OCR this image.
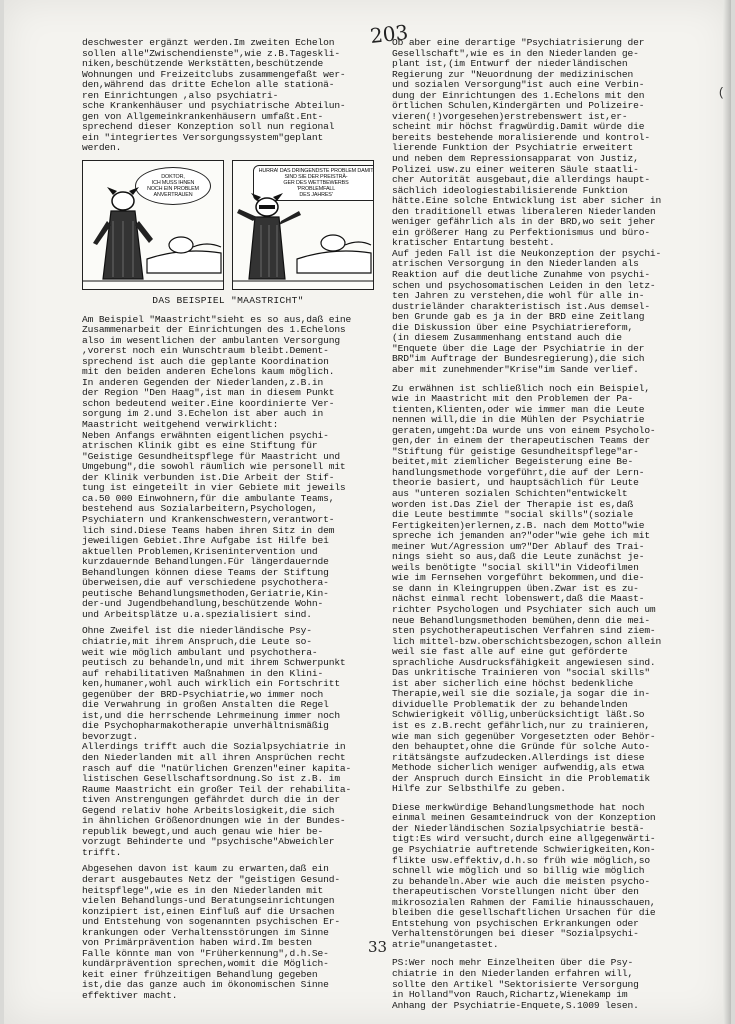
203
(

deschwester ergänzt werden.Im zweiten Echelon
sollen alle"Zwischendienste",wie z.B.Tageskli-
niken,beschützende Werkstätten,beschützende
Wohnungen und Freizeitclubs zusammengefaßt wer-
den,während das dritte Echelon alle stationä-
ren Einrichtungen ,also psychiatri-
sche Krankenhäuser und psychiatrische Abteilun-
gen von Allgemeinkrankenhäusern umfaßt.Ent-
sprechend dieser Konzeption soll nun regional
ein "integriertes Versorgungssystem"geplant
werden.

DOKTOR,
ICH MUSS IHNEN
NOCH EIN PROBLEM
ANVERTRAUEN
HURRA! DAS DRINGENDSTE PROBLEM DAMIT
SIND SIE DER PREISTRÄ-
GER DES WETTBEWERBS
'PROBLEMFALL
DES JAHRES'
DAS BEISPIEL "MAASTRICHT"

Am Beispiel "Maastricht"sieht es so aus,daß eine
Zusammenarbeit der Einrichtungen des 1.Echelons
also im wesentlichen der ambulanten Versorgung
,vorerst noch ein Wunschtraum bleibt.Dement-
sprechend ist auch die geplante Koordination
mit den beiden anderen Echelons kaum möglich.
In anderen Gegenden der Niederlanden,z.B.in
der Region "Den Haag",ist man in diesem Punkt
schon bedeutend weiter.Eine koordinierte Ver-
sorgung im 2.und 3.Echelon ist aber auch in
Maastricht weitgehend verwirklicht:
Neben Anfangs erwähnten eigentlichen psychi-
atrischen Klinik gibt es eine Stiftung für
"Geistige Gesundheitspflege für Maastricht und
Umgebung",die sowohl räumlich wie personell mit
der Klinik verbunden ist.Die Arbeit der Stif-
tung ist eingeteilt in vier Gebiete mit jeweils
ca.50 000 Einwohnern,für die ambulante Teams,
bestehend aus Sozialarbeitern,Psychologen,
Psychiatern und Krankenschwestern,verantwort-
lich sind.Diese Teams haben ihren Sitz in dem
jeweiligen Gebiet.Ihre Aufgabe ist Hilfe bei
aktuellen Problemen,Krisenintervention und
kurzdauernde Behandlungen.Für längerdauernde
Behandlungen können diese Teams der Stiftung
überweisen,die auf verschiedene psychothera-
peutische Behandlungsmethoden,Geriatrie,Kin-
der-und Jugendbehandlung,beschützende Wohn-
und Arbeitsplätze u.a.spezialisiert sind.

Ohne Zweifel ist die niederländische Psy-
chiatrie,mit ihrem Anspruch,die Leute so-
weit wie möglich ambulant und psychothera-
peutisch zu behandeln,und mit ihrem Schwerpunkt
auf rehabilitativen Maßnahmen in den Klini-
ken,humaner,wohl auch wirklich ein Fortschritt
gegenüber der BRD-Psychiatrie,wo immer noch
die Verwahrung in großen Anstalten die Regel
ist,und die herrschende Lehrmeinung immer noch
die Psychopharmakotherapie unverhältnismäßig
bevorzugt.
Allerdings trifft auch die Sozialpsychiatrie in
den Niederlanden mit all ihren Ansprüchen recht
rasch auf die "natürlichen Grenzen"einer kapita-
listischen Gesellschaftsordnung.So ist z.B. im
Raume Maastricht ein großer Teil der rehabilita-
tiven Anstrengungen gefährdet durch die in der
Gegend relativ hohe Arbeitslosigkeit,die sich
in ähnlichen Größenordnungen wie in der Bundes-
republik bewegt,und auch genau wie hier be-
vorzugt Behinderte und "psychische"Abweichler
trifft.

Abgesehen davon ist kaum zu erwarten,daß ein
derart ausgebautes Netz der "geistigen Gesund-
heitspflege",wie es in den Niederlanden mit
vielen Behandlungs-und Beratungseinrichtungen
konzipiert ist,einen Einfluß auf die Ursachen
und Entstehung von sogenannten psychischen Er-
krankungen oder Verhaltensstörungen im Sinne
von Primärprävention haben wird.Im besten
Falle könnte man von "Früherkennung",d.h.Se-
kundärprävention sprechen,womit die Möglich-
keit einer frühzeitigen Behandlung gegeben
ist,die das ganze auch im ökonomischen Sinne
effektiver macht.

Ob aber eine derartige "Psychiatrisierung der
Gesellschaft",wie es in den Niederlanden ge-
plant ist,(im Entwurf der niederländischen
Regierung zur "Neuordnung der medizinischen
und sozialen Versorgung"ist auch eine Verbin-
dung der Einrichtungen des 1.Echelons mit den
örtlichen Schulen,Kindergärten und Polizeire-
vieren(!)vorgesehen)erstrebenswert ist,er-
scheint mir höchst fragwürdig.Damit würde die
bereits bestehende moralisierende und kontrol-
lierende Funktion der Psychiatrie erweitert
und neben dem Repressionsapparat von Justiz,
Polizei usw.zu einer weiteren Säule staatli-
cher Autorität ausgebaut,die allerdings haupt-
sächlich ideologiestabilisierende Funktion
hätte.Eine solche Entwicklung ist aber sicher in
den traditionell etwas liberaleren Niederlanden
weniger gefährlich als in der BRD,wo seit jeher
ein größerer Hang zu Perfektionismus und büro-
kratischer Entartung besteht.
Auf jeden Fall ist die Neukonzeption der psychi-
atrischen Versorgung in den Niederlanden als
Reaktion auf die deutliche Zunahme von psychi-
schen und psychosomatischen Leiden in den letz-
ten Jahren zu verstehen,die wohl für alle in-
dustrieländer charakteristisch ist.Aus demsel-
ben Grunde gab es ja in der BRD eine Zeitlang
die Diskussion über eine Psychiatriereform,
(in diesem Zusammenhang entstand auch die
"Enquete über die Lage der Psychiatrie in der
BRD"im Auftrage der Bundesregierung),die sich
aber mit zunehmender"Krise"im Sande verlief.

Zu erwähnen ist schließlich noch ein Beispiel,
wie in Maastricht mit den Problemen der Pa-
tienten,Klienten,oder wie immer man die Leute
nennen will,die in die Mühlen der Psychiatrie
geraten,umgeht:Da wurde uns von einem Psycholo-
gen,der in einem der therapeutischen Teams der
"Stiftung für geistige Gesundheitspflege"ar-
beitet,mit ziemlicher Begeisterung eine Be-
handlungsmethode vorgeführt,die auf der Lern-
theorie basiert, und hauptsächlich für Leute
aus "unteren sozialen Schichten"entwickelt
worden ist.Das Ziel der Therapie ist es,daß
die Leute bestimmte "social skills"(soziale
Fertigkeiten)erlernen,z.B. nach dem Motto"wie
spreche ich jemanden an?"oder"wie gehe ich mit
meiner Wut/Agression um?"Der Ablauf des Trai-
nings sieht so aus,daß die Leute zunächst je-
weils benötigte "social skill"in Videofilmen
wie im Fernsehen vorgeführt bekommen,und die-
se dann in Kleingruppen üben.Zwar ist es zu-
nächst einmal recht lobenswert,daß die Maast-
richter Psychologen und Psychiater sich auch um
neue Behandlungsmethoden bemühen,denn die mei-
sten psychotherapeutischen Verfahren sind ziem-
lich mittel-bzw.oberschichtsbezogen,schon allein
weil sie fast alle auf eine gut geförderte
sprachliche Ausdrucksfähigkeit angewiesen sind.
Das unkritische Trainieren von "social skills"
ist aber sicherlich eine höchst bedenkliche
Therapie,weil sie die soziale,ja sogar die in-
dividuelle Problematik der zu behandelnden
Schwierigkeit völlig,unberücksichtigt läßt.So
ist es z.B.recht gefährlich,nur zu trainieren,
wie man sich gegenüber Vorgesetzten oder Behör-
den behauptet,ohne die Gründe für solche Auto-
ritätsängste aufzudecken.Allerdings ist diese
Methode sicherlich weniger aufwendig,als etwa
der Anspruch durch Einsicht in die Problematik
Hilfe zur Selbsthilfe zu geben.

Diese merkwürdige Behandlungsmethode hat noch
einmal meinen Gesamteindruck von der Konzeption
der Niederländischen Sozialpsychiatrie bestä-
tigt:Es wird versucht,durch eine allgegenwärti-
ge Psychiatrie auftretende Schwierigkeiten,Kon-
flikte usw.effektiv,d.h.so früh wie möglich,so
schnell wie möglich und so billig wie möglich
zu behandeln.Aber wie auch die meisten psycho-
therapeutischen Vorstellungen nicht über den
mikrosozialen Rahmen der Familie hinausschauen,
bleiben die gesellschaftlichen Ursachen für die
Entstehung von psychischen Erkrankungen oder
Verhaltenstörungen bei dieser "Sozialpsychi-
atrie"unangetastet.

PS:Wer noch mehr Einzelheiten über die Psy-
chiatrie in den Niederlanden erfahren will,
sollte den Artikel "Sektorisierte Versorgung
in Holland"von Rauch,Richartz,Wienekamp im
Anhang der Psychiatrie-Enquete,S.1009 lesen.

33
